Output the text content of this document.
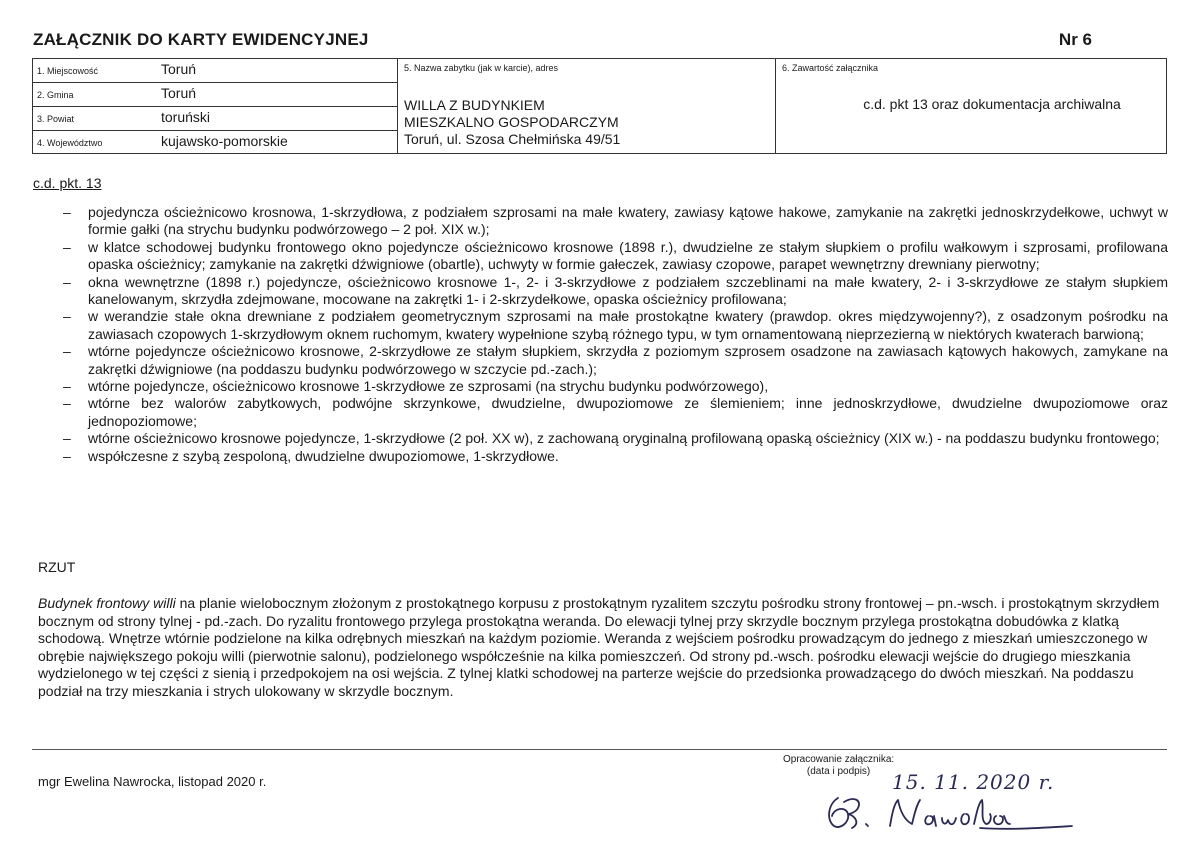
ZAŁĄCZNIK DO KARTY EWIDENCYJNEJ	Nr 6
1. Miejscowość	Toruń
2. Gmina	Toruń
3. Powiat	toruński
4. Województwo	kujawsko-pomorskie
5. Nazwa zabytku (jak w karcie), adres
WILLA Z BUDYNKIEM
MIESZKALNO GOSPODARCZYM
Toruń, ul. Szosa Chełmińska 49/51
6. Zawartość załącznika
c.d. pkt 13 oraz dokumentacja archiwalna
c.d. pkt. 13
– pojedyncza ościeżnicowo krosnowa, 1-skrzydłowa, z podziałem szprosami na małe kwatery, zawiasy kątowe hakowe, zamykanie na zakrętki jednoskrzydełkowe, uchwyt w formie gałki (na strychu budynku podwórzowego – 2 poł. XIX w.);
– w klatce schodowej budynku frontowego okno pojedyncze ościeżnicowo krosnowe (1898 r.), dwudzielne ze stałym słupkiem o profilu wałkowym i szprosami, profilowana opaska ościeżnicy; zamykanie na zakrętki dźwigniowe (obartle), uchwyty w formie gałeczek, zawiasy czopowe, parapet wewnętrzny drewniany pierwotny;
– okna wewnętrzne (1898 r.) pojedyncze, ościeżnicowo krosnowe 1-, 2- i 3-skrzydłowe z podziałem szczeblinami na małe kwatery, 2- i 3-skrzydłowe ze stałym słupkiem kanelowanym, skrzydła zdejmowane, mocowane na zakrętki 1- i 2-skrzydełkowe, opaska ościeżnicy profilowana;
– w werandzie stałe okna drewniane z podziałem geometrycznym szprosami na małe prostokątne kwatery (prawdop. okres międzywojenny?), z osadzonym pośrodku na zawiasach czopowych 1-skrzydłowym oknem ruchomym, kwatery wypełnione szybą różnego typu, w tym ornamentowaną nieprzezierną w niektórych kwaterach barwioną;
– wtórne pojedyncze ościeżnicowo krosnowe, 2-skrzydłowe ze stałym słupkiem, skrzydła z poziomym szprosem osadzone na zawiasach kątowych hakowych, zamykane na zakrętki dźwigniowe (na poddaszu budynku podwórzowego w szczycie pd.-zach.);
– wtórne pojedyncze, ościeżnicowo krosnowe 1-skrzydłowe ze szprosami (na strychu budynku podwórzowego),
– wtórne bez walorów zabytkowych, podwójne skrzynkowe, dwudzielne, dwupoziomowe ze ślemieniem; inne jednoskrzydłowe, dwudzielne dwupoziomowe oraz jednopoziomowe;
– wtórne ościeżnicowo krosnowe pojedyncze, 1-skrzydłowe (2 poł. XX w), z zachowaną oryginalną profilowaną opaską ościeżnicy (XIX w.) - na poddaszu budynku frontowego;
– współczesne z szybą zespoloną, dwudzielne dwupoziomowe, 1-skrzydłowe.
RZUT
Budynek frontowy willi na planie wielobocznym złożonym z prostokątnego korpusu z prostokątnym ryzalitem szczytu pośrodku strony frontowej – pn.-wsch. i prostokątnym skrzydłem bocznym od strony tylnej - pd.-zach. Do ryzalitu frontowego przylega prostokątna weranda. Do elewacji tylnej przy skrzydle bocznym przylega prostokątna dobudówka z klatką schodową. Wnętrze wtórnie podzielone na kilka odrębnych mieszkań na każdym poziomie. Weranda z wejściem pośrodku prowadzącym do jednego z mieszkań umieszczonego w obrębie największego pokoju willi (pierwotnie salonu), podzielonego współcześnie na kilka pomieszczeń. Od strony pd.-wsch. pośrodku elewacji wejście do drugiego mieszkania wydzielonego w tej części z sienią i przedpokojem na osi wejścia. Z tylnej klatki schodowej na parterze wejście do przedsionka prowadzącego do dwóch mieszkań. Na poddaszu podział na trzy mieszkania i strych ulokowany w skrzydle bocznym.
mgr Ewelina Nawrocka, listopad 2020 r.
Opracowanie załącznika:
(data i podpis)	15. 11. 2020 r.
